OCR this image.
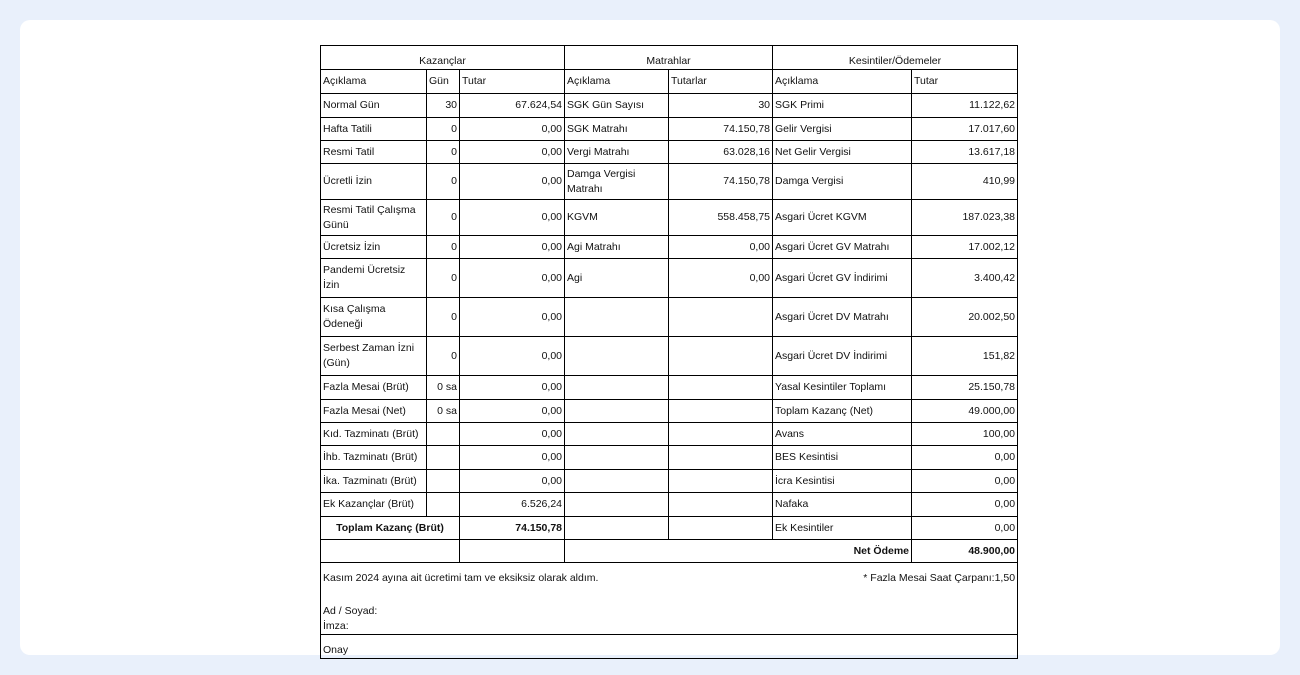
Kazançlar			Matrahlar		Kesintiler/Ödemeler	
Açıklama	Gün	Tutar	Açıklama	Tutarlar	Açıklama	Tutar
Normal Gün	30	67.624,54	SGK Gün Sayısı	30	SGK Primi	11.122,62
Hafta Tatili	0	0,00	SGK Matrahı	74.150,78	Gelir Vergisi	17.017,60
Resmi Tatil	0	0,00	Vergi Matrahı	63.028,16	Net Gelir Vergisi	13.617,18
Ücretli İzin	0	0,00	Damga Vergisi Matrahı	74.150,78	Damga Vergisi	410,99
Resmi Tatil Çalışma Günü	0	0,00	KGVM	558.458,75	Asgari Ücret KGVM	187.023,38
Ücretsiz İzin	0	0,00	Agi Matrahı	0,00	Asgari Ücret GV Matrahı	17.002,12
Pandemi Ücretsiz İzin	0	0,00	Agi	0,00	Asgari Ücret GV İndirimi	3.400,42
Kısa Çalışma Ödeneği	0	0,00			Asgari Ücret DV Matrahı	20.002,50
Serbest Zaman İzni (Gün)	0	0,00			Asgari Ücret DV İndirimi	151,82
Fazla Mesai (Brüt)	0 sa	0,00			Yasal Kesintiler Toplamı	25.150,78
Fazla Mesai (Net)	0 sa	0,00			Toplam Kazanç (Net)	49.000,00
Kıd. Tazminatı (Brüt)		0,00			Avans	100,00
İhb. Tazminatı (Brüt)		0,00			BES Kesintisi	0,00
İka. Tazminatı (Brüt)		0,00			İcra Kesintisi	0,00
Ek Kazançlar (Brüt)		6.526,24			Nafaka	0,00
Toplam Kazanç (Brüt)		74.150,78			Ek Kesintiler	0,00
			Net Ödeme			48.900,00

Kasım 2024 ayına ait ücretimi tam ve eksiksiz olarak aldım. * Fazla Mesai Saat Çarpanı:1,50
Ad / Soyad:
İmza:						

Onay						
